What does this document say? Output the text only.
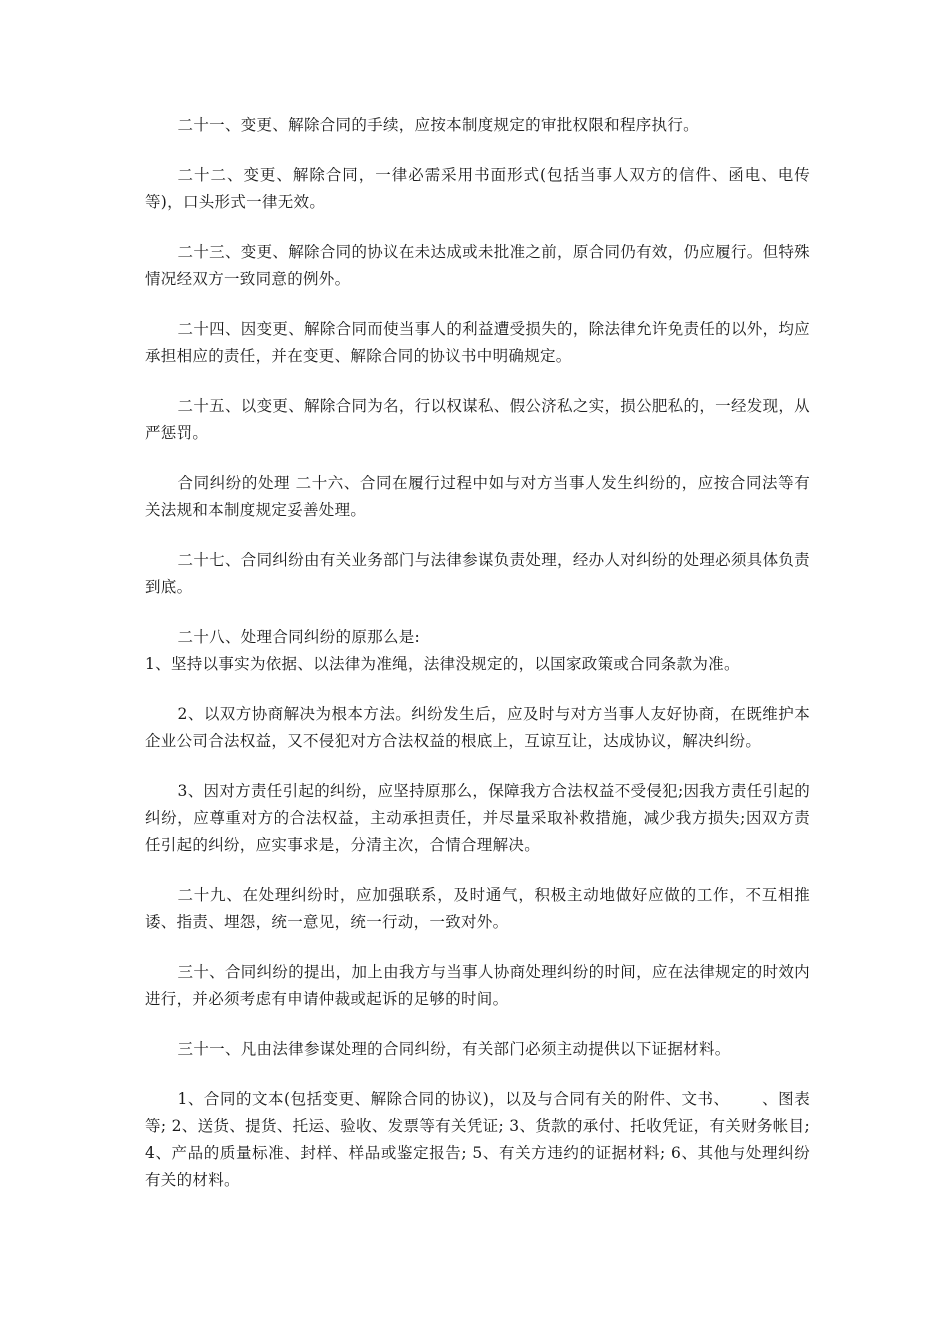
二十一、变更、解除合同的手续，应按本制度规定的审批权限和程序执行。

二十二、变更、解除合同，一律必需采用书面形式(包括当事人双方的信件、函电、电传等)，口头形式一律无效。

二十三、变更、解除合同的协议在未达成或未批准之前，原合同仍有效，仍应履行。但特殊情况经双方一致同意的例外。

二十四、因变更、解除合同而使当事人的利益遭受损失的，除法律允许免责任的以外，均应承担相应的责任，并在变更、解除合同的协议书中明确规定。

二十五、以变更、解除合同为名，行以权谋私、假公济私之实，损公肥私的，一经发现，从严惩罚。

合同纠纷的处理 二十六、合同在履行过程中如与对方当事人发生纠纷的，应按合同法等有关法规和本制度规定妥善处理。

二十七、合同纠纷由有关业务部门与法律参谋负责处理，经办人对纠纷的处理必须具体负责到底。

二十八、处理合同纠纷的原那么是:

1、坚持以事实为依据、以法律为准绳，法律没规定的，以国家政策或合同条款为准。

2、以双方协商解决为根本方法。纠纷发生后，应及时与对方当事人友好协商，在既维护本企业公司合法权益，又不侵犯对方合法权益的根底上，互谅互让，达成协议，解决纠纷。

3、因对方责任引起的纠纷，应坚持原那么，保障我方合法权益不受侵犯;因我方责任引起的纠纷，应尊重对方的合法权益，主动承担责任，并尽量采取补救措施，减少我方损失;因双方责任引起的纠纷，应实事求是，分清主次，合情合理解决。

二十九、在处理纠纷时，应加强联系，及时通气，积极主动地做好应做的工作，不互相推诿、指责、埋怨，统一意见，统一行动，一致对外。

三十、合同纠纷的提出，加上由我方与当事人协商处理纠纷的时间，应在法律规定的时效内进行，并必须考虑有申请仲裁或起诉的足够的时间。

三十一、凡由法律参谋处理的合同纠纷，有关部门必须主动提供以下证据材料。

1、合同的文本(包括变更、解除合同的协议)，以及与合同有关的附件、文书、      、图表等; 2、送货、提货、托运、验收、发票等有关凭证; 3、货款的承付、托收凭证，有关财务帐目; 4、产品的质量标准、封样、样品或鉴定报告; 5、有关方违约的证据材料; 6、其他与处理纠纷有关的材料。
